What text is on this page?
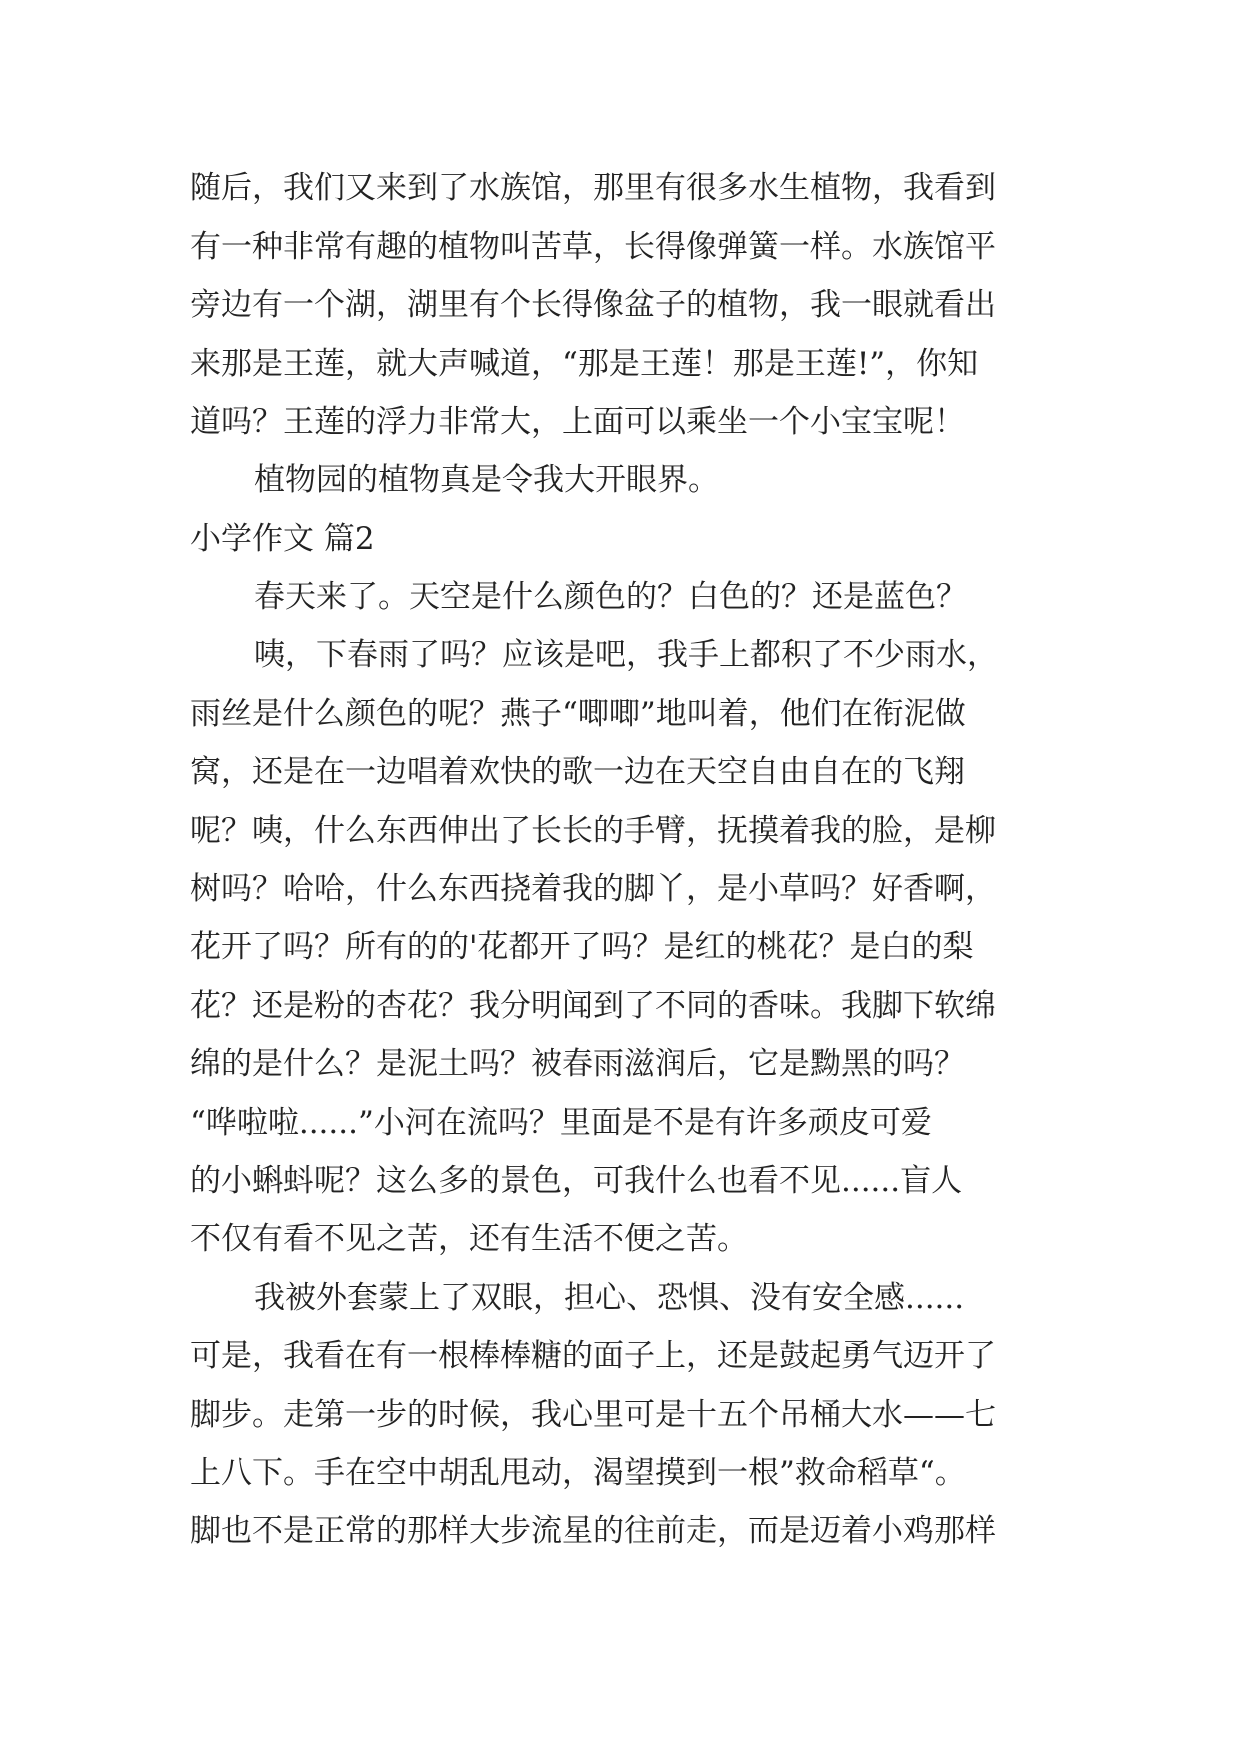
随后，我们又来到了水族馆，那里有很多水生植物，我看到
有一种非常有趣的植物叫苦草，长得像弹簧一样。水族馆平
旁边有一个湖，湖里有个长得像盆子的植物，我一眼就看出
来那是王莲，就大声喊道，“那是王莲！那是王莲!”，你知
道吗？王莲的浮力非常大，上面可以乘坐一个小宝宝呢！
植物园的植物真是令我大开眼界。
小学作文 篇2
春天来了。天空是什么颜色的？白色的？还是蓝色？
咦，下春雨了吗？应该是吧，我手上都积了不少雨水，
雨丝是什么颜色的呢？燕子“唧唧”地叫着，他们在衔泥做
窝，还是在一边唱着欢快的歌一边在天空自由自在的飞翔
呢？咦，什么东西伸出了长长的手臂，抚摸着我的脸，是柳
树吗？哈哈，什么东西挠着我的脚丫，是小草吗？好香啊，
花开了吗？所有的的'花都开了吗？是红的桃花？是白的梨
花？还是粉的杏花？我分明闻到了不同的香味。我脚下软绵
绵的是什么？是泥土吗？被春雨滋润后，它是黝黑的吗？
“哗啦啦......”小河在流吗？里面是不是有许多顽皮可爱
的小蝌蚪呢？这么多的景色，可我什么也看不见......盲人
不仅有看不见之苦，还有生活不便之苦。
我被外套蒙上了双眼，担心、恐惧、没有安全感......
可是，我看在有一根棒棒糖的面子上，还是鼓起勇气迈开了
脚步。走第一步的时候，我心里可是十五个吊桶大水——七
上八下。手在空中胡乱甩动，渴望摸到一根”救命稻草“。
脚也不是正常的那样大步流星的往前走，而是迈着小鸡那样
